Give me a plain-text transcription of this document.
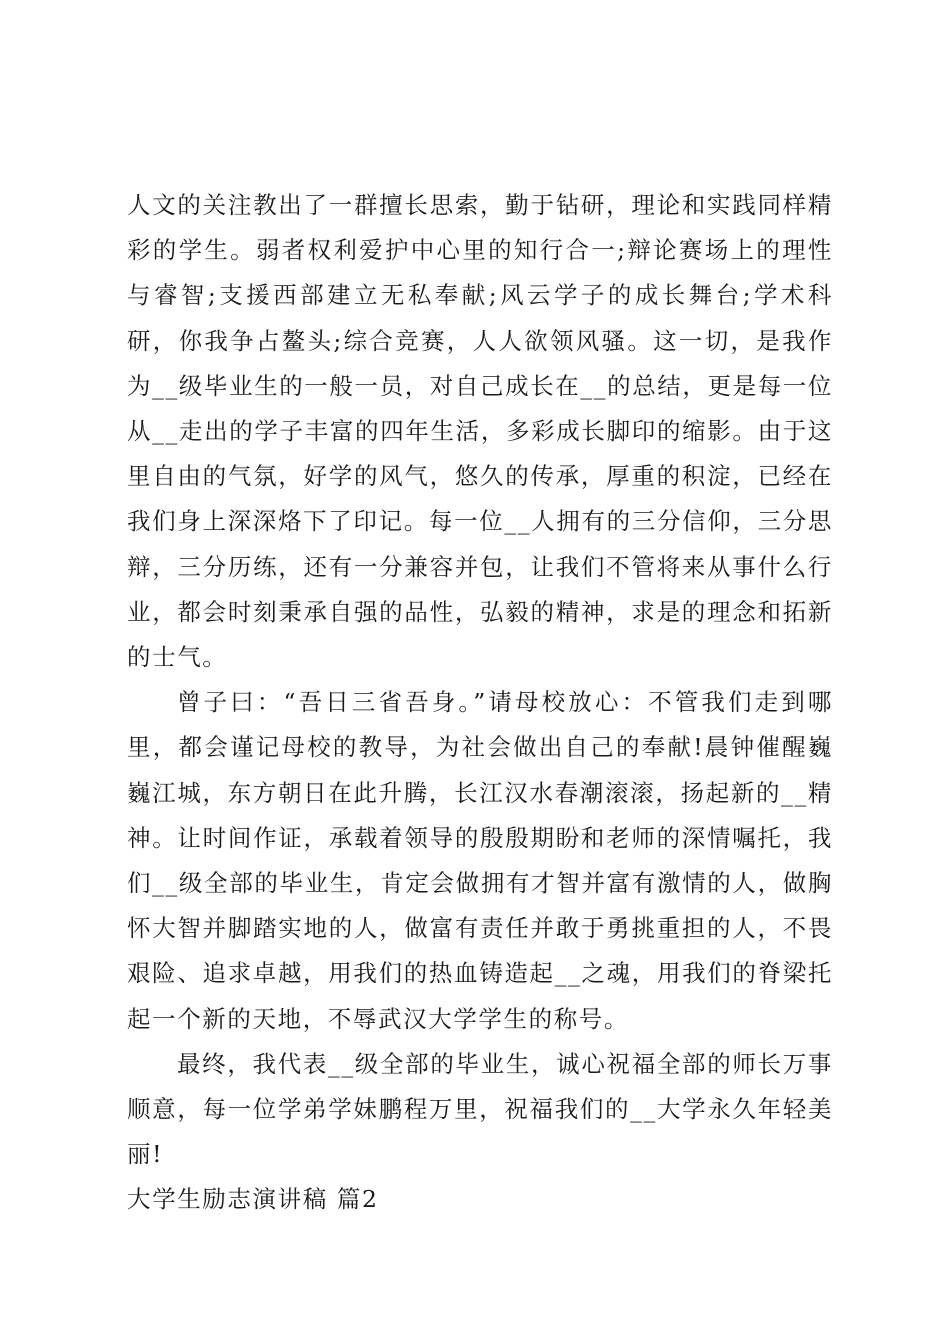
人文的关注教出了一群擅长思索，勤于钻研，理论和实践同样精彩的学生。弱者权利爱护中心里的知行合一;辩论赛场上的理性与睿智;支援西部建立无私奉献;风云学子的成长舞台;学术科研，你我争占鳌头;综合竞赛，人人欲领风骚。这一切，是我作为__级毕业生的一般一员，对自己成长在__的总结，更是每一位从__走出的学子丰富的四年生活，多彩成长脚印的缩影。由于这里自由的气氛，好学的风气，悠久的传承，厚重的积淀，已经在我们身上深深烙下了印记。每一位__人拥有的三分信仰，三分思辩，三分历练，还有一分兼容并包，让我们不管将来从事什么行业，都会时刻秉承自强的品性，弘毅的精神，求是的理念和拓新的士气。

曾子曰：“吾日三省吾身。”请母校放心：不管我们走到哪里，都会谨记母校的教导，为社会做出自己的奉献!晨钟催醒巍巍江城，东方朝日在此升腾，长江汉水春潮滚滚，扬起新的__精神。让时间作证，承载着领导的殷殷期盼和老师的深情嘱托，我们__级全部的毕业生，肯定会做拥有才智并富有激情的人，做胸怀大智并脚踏实地的人，做富有责任并敢于勇挑重担的人，不畏艰险、追求卓越，用我们的热血铸造起__之魂，用我们的脊梁托起一个新的天地，不辱武汉大学学生的称号。

最终，我代表__级全部的毕业生，诚心祝福全部的师长万事顺意，每一位学弟学妹鹏程万里，祝福我们的__大学永久年轻美丽!

大学生励志演讲稿 篇2
